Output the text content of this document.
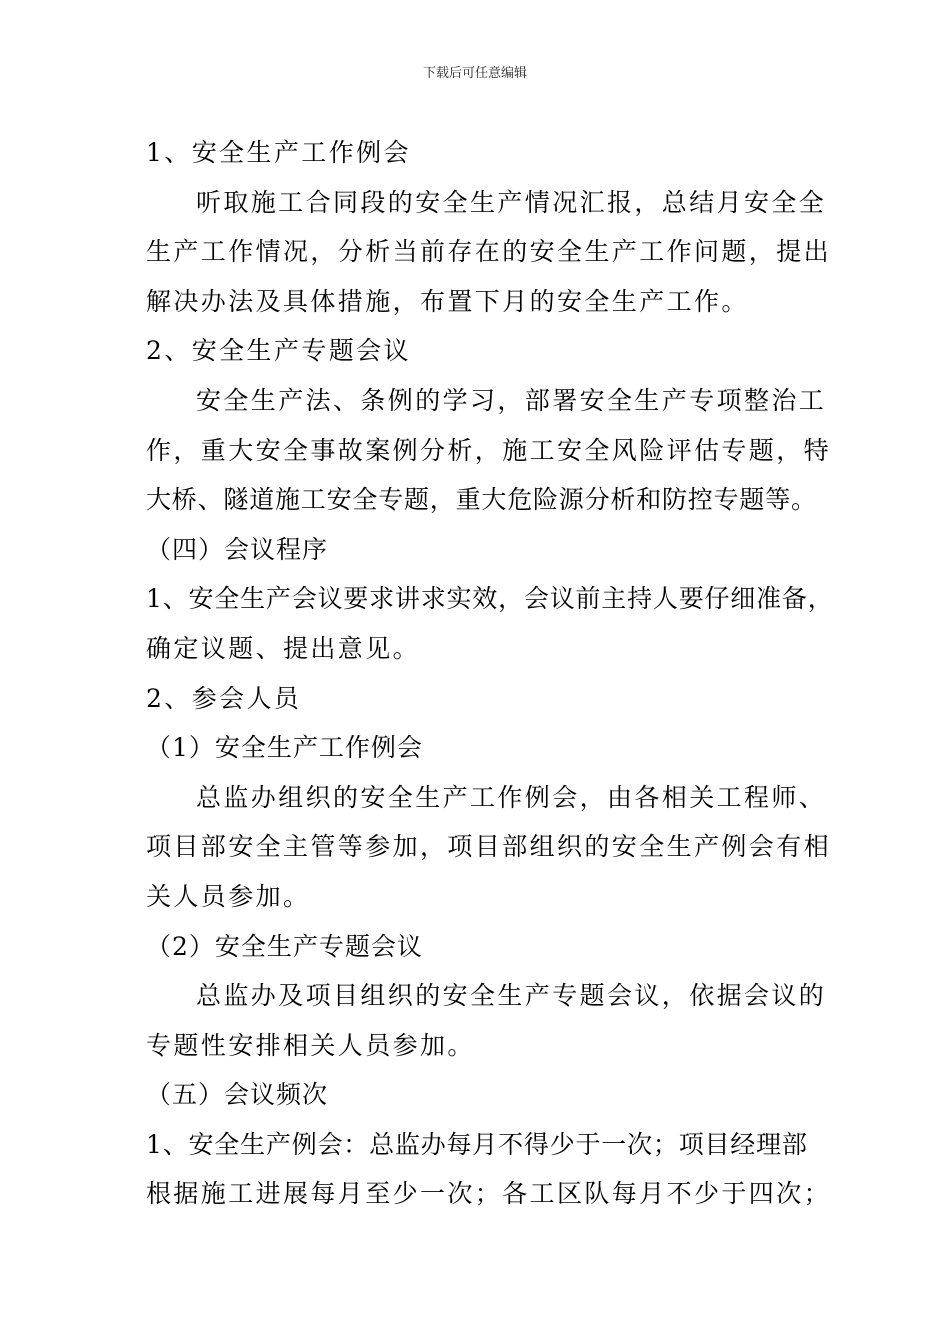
下载后可任意编辑
1、安全生产工作例会
听取施工合同段的安全生产情况汇报，总结月安全全
生产工作情况，分析当前存在的安全生产工作问题，提出
解决办法及具体措施，布置下月的安全生产工作。
2、安全生产专题会议
安全生产法、条例的学习，部署安全生产专项整治工
作，重大安全事故案例分析，施工安全风险评估专题，特
大桥、隧道施工安全专题，重大危险源分析和防控专题等。
（四）会议程序
1、安全生产会议要求讲求实效，会议前主持人要仔细准备，
确定议题、提出意见。
2、参会人员
（1）安全生产工作例会
总监办组织的安全生产工作例会，由各相关工程师、
项目部安全主管等参加，项目部组织的安全生产例会有相
关人员参加。
（2）安全生产专题会议
总监办及项目组织的安全生产专题会议，依据会议的
专题性安排相关人员参加。
（五）会议频次
1、安全生产例会：总监办每月不得少于一次；项目经理部
根据施工进展每月至少一次；各工区队每月不少于四次；
